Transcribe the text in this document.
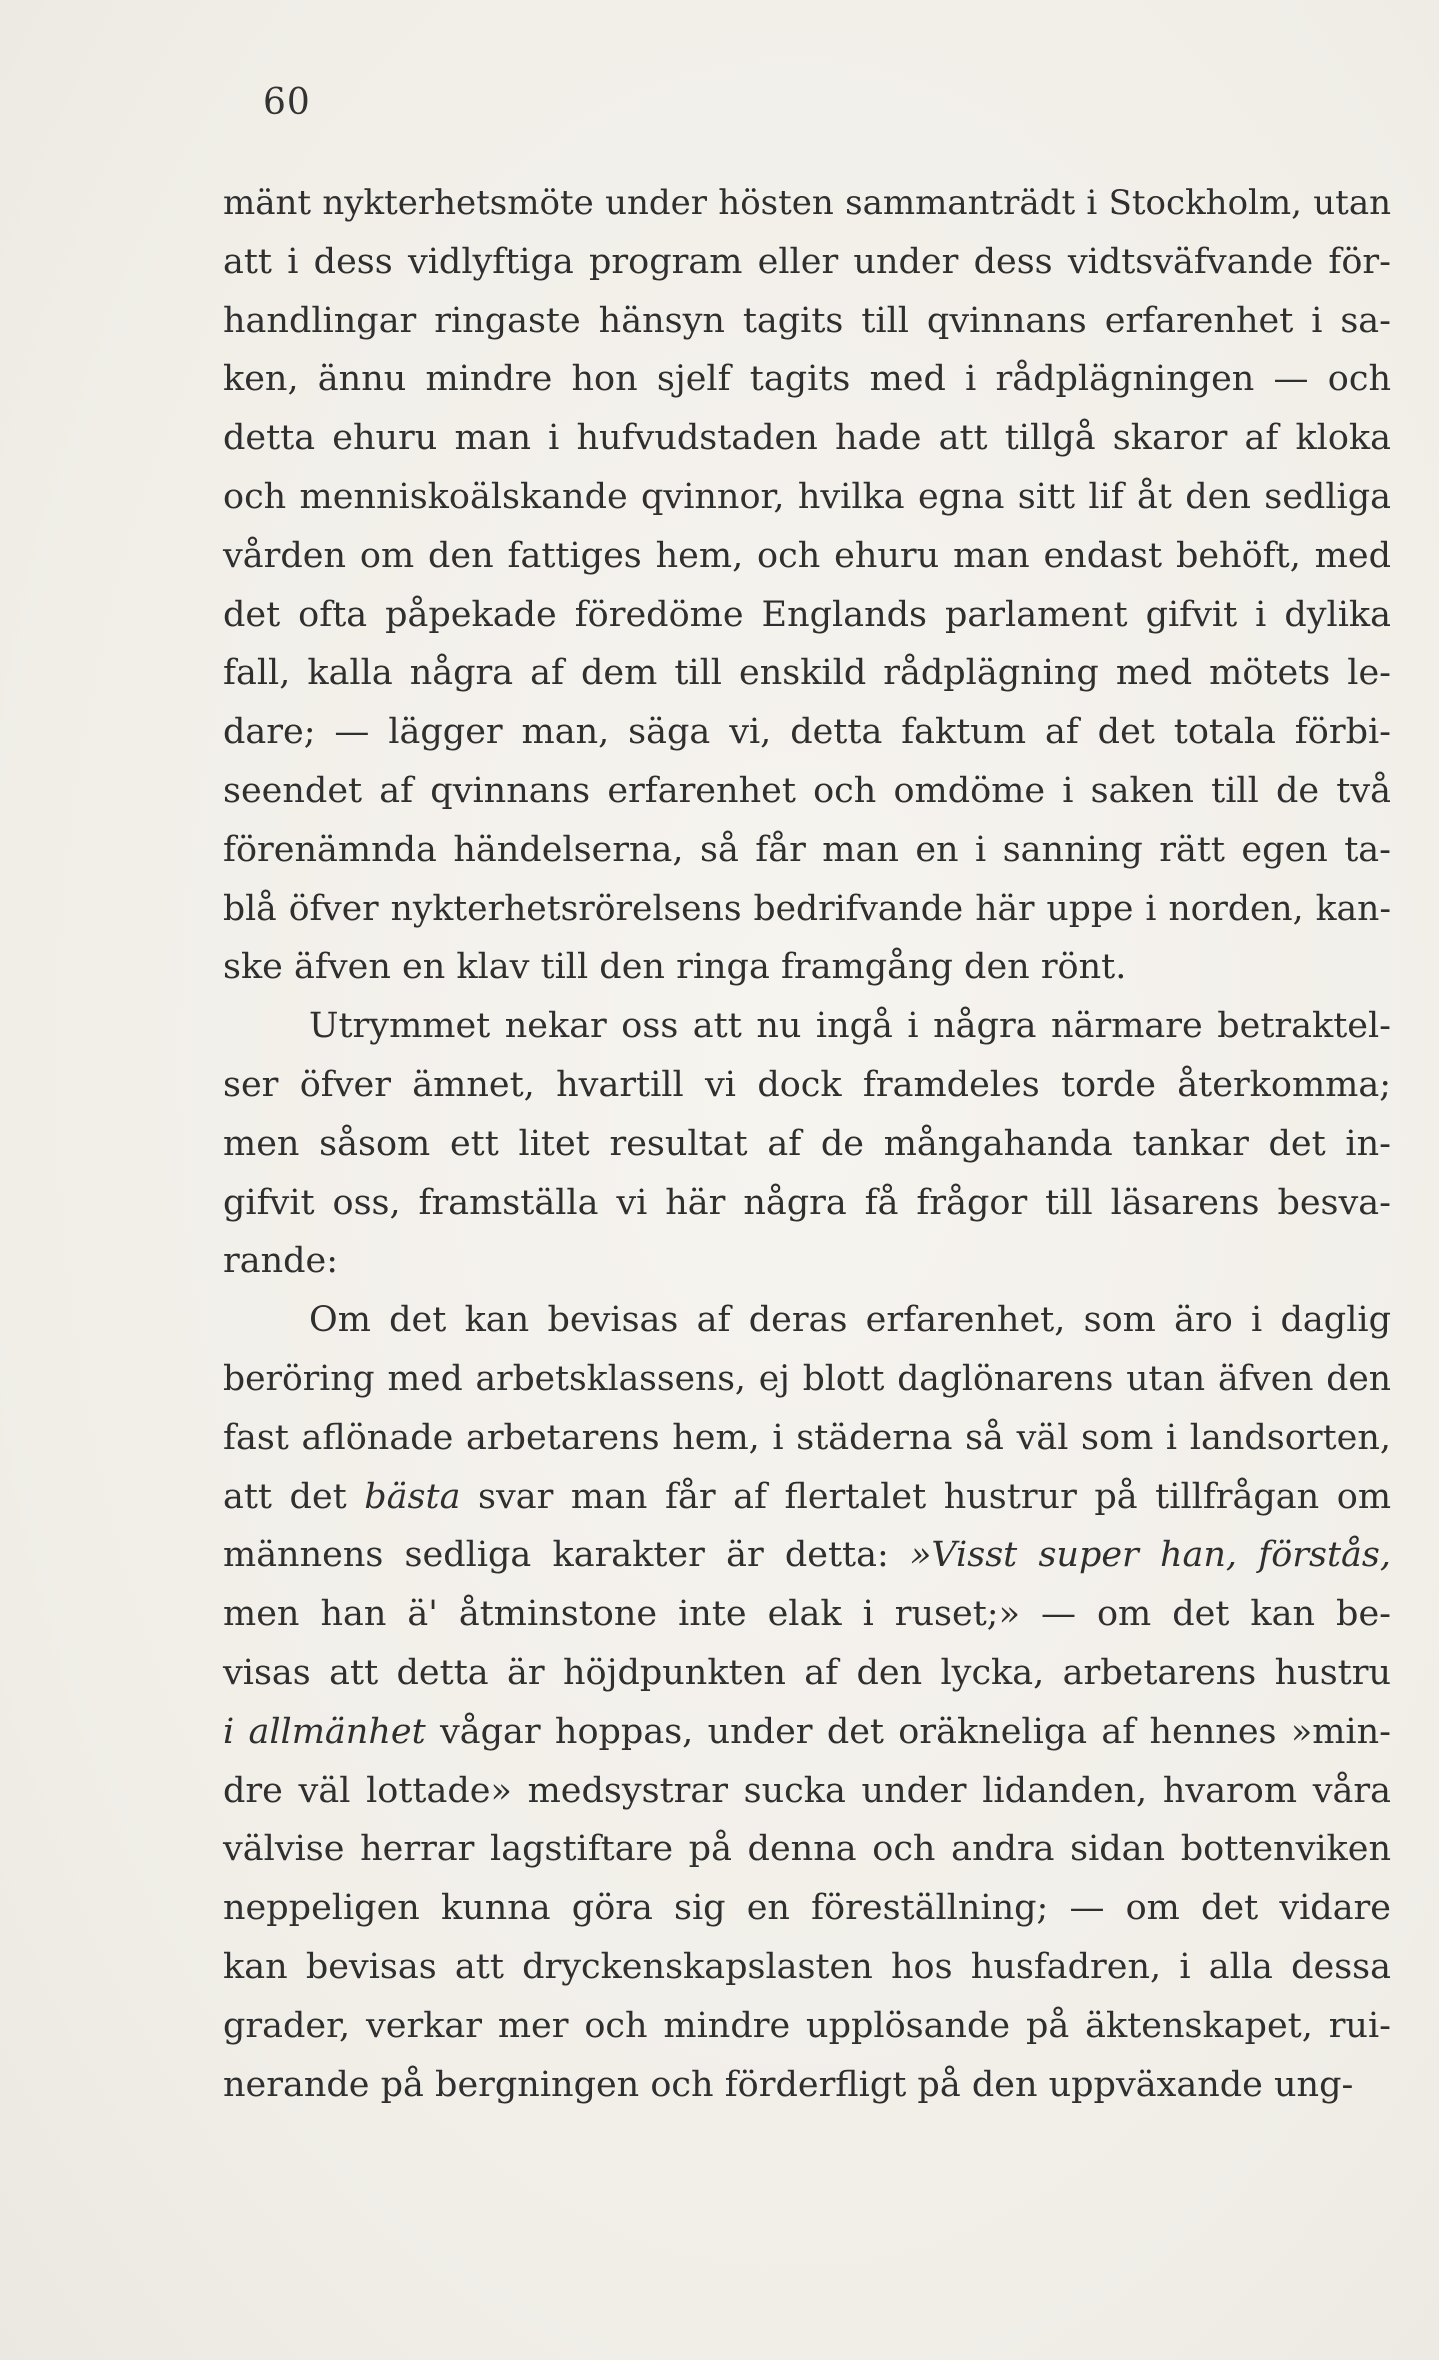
60
mänt nykterhetsmöte under hösten sammanträdt i Stockholm, utan
att i dess vidlyftiga program eller under dess vidtsväfvande för-
handlingar ringaste hänsyn tagits till qvinnans erfarenhet i sa-
ken, ännu mindre hon sjelf tagits med i rådplägningen — och
detta ehuru man i hufvudstaden hade att tillgå skaror af kloka
och menniskoälskande qvinnor, hvilka egna sitt lif åt den sedliga
vården om den fattiges hem, och ehuru man endast behöft, med
det ofta påpekade föredöme Englands parlament gifvit i dylika
fall, kalla några af dem till enskild rådplägning med mötets le-
dare; — lägger man, säga vi, detta faktum af det totala förbi-
seendet af qvinnans erfarenhet och omdöme i saken till de två
förenämnda händelserna, så får man en i sanning rätt egen ta-
blå öfver nykterhetsrörelsens bedrifvande här uppe i norden, kan-
ske äfven en klav till den ringa framgång den rönt.
Utrymmet nekar oss att nu ingå i några närmare betraktel-
ser öfver ämnet, hvartill vi dock framdeles torde återkomma;
men såsom ett litet resultat af de mångahanda tankar det in-
gifvit oss, framställa vi här några få frågor till läsarens besva-
rande:
Om det kan bevisas af deras erfarenhet, som äro i daglig
beröring med arbetsklassens, ej blott daglönarens utan äfven den
fast aflönade arbetarens hem, i städerna så väl som i landsorten,
att det bästa svar man får af flertalet hustrur på tillfrågan om
männens sedliga karakter är detta: »Visst super han, förstås,
men han ä' åtminstone inte elak i ruset;» — om det kan be-
visas att detta är höjdpunkten af den lycka, arbetarens hustru
i allmänhet vågar hoppas, under det oräkneliga af hennes »min-
dre väl lottade» medsystrar sucka under lidanden, hvarom våra
välvise herrar lagstiftare på denna och andra sidan bottenviken
neppeligen kunna göra sig en föreställning; — om det vidare
kan bevisas att dryckenskapslasten hos husfadren, i alla dessa
grader, verkar mer och mindre upplösande på äktenskapet, rui-
nerande på bergningen och förderfligt på den uppväxande ung-
